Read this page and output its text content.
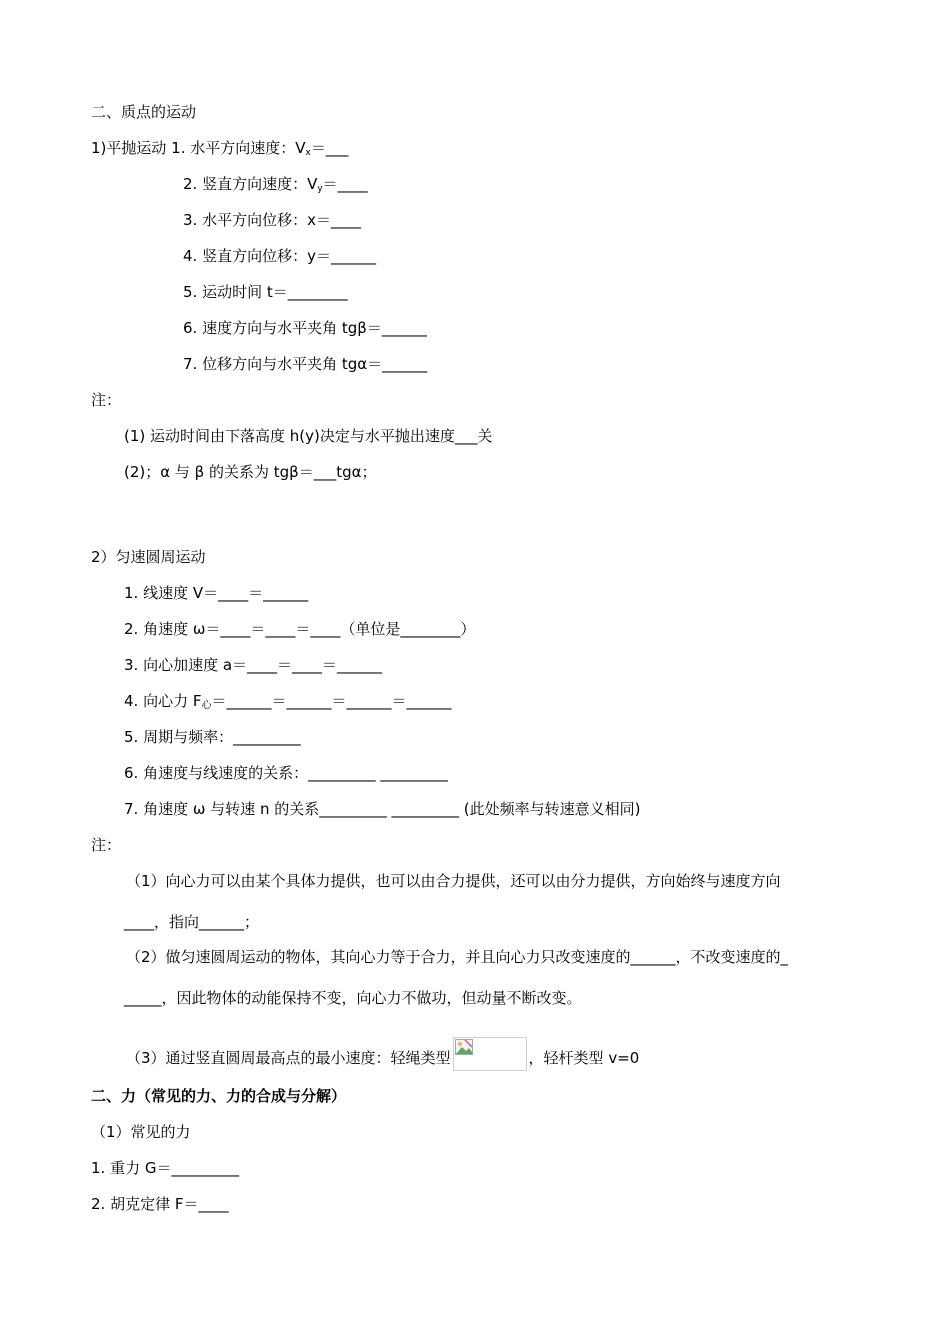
二、质点的运动
1)平抛运动 1. 水平方向速度：$V_x=\_\_\_$
2. 竖直方向速度：$V_y=\_\_\_\_$
3. 水平方向位移：x＝____
4. 竖直方向位移：y＝______
5. 运动时间 t＝________
6. 速度方向与水平夹角 tgβ＝______
7. 位移方向与水平夹角 tgα＝______
注：
(1) 运动时间由下落高度 h(y)决定与水平抛出速度___关
(2)；α 与 β 的关系为 tgβ＝___tgα；
2）匀速圆周运动
1. 线速度 V＝____＝______
2. 角速度 ω＝____＝____＝____（单位是________）
3. 向心加速度 a＝____＝____＝______
4. 向心力 F心＝______＝______＝______＝______
5. 周期与频率：_________
6. 角速度与线速度的关系：_________ _________
7. 角速度 ω 与转速 n 的关系_________ _________ (此处频率与转速意义相同)
注：
（1）向心力可以由某个具体力提供，也可以由合力提供，还可以由分力提供，方向始终与速度方向
____，指向______；
（2）做匀速圆周运动的物体，其向心力等于合力，并且向心力只改变速度的______，不改变速度的_
_____，因此物体的动能保持不变，向心力不做功，但动量不断改变。
（3）通过竖直圆周最高点的最小速度：轻绳类型	，轻杆类型 v=0
二、力（常见的力、力的合成与分解）
（1）常见的力
1. 重力 G＝_________
2. 胡克定律 F＝____
